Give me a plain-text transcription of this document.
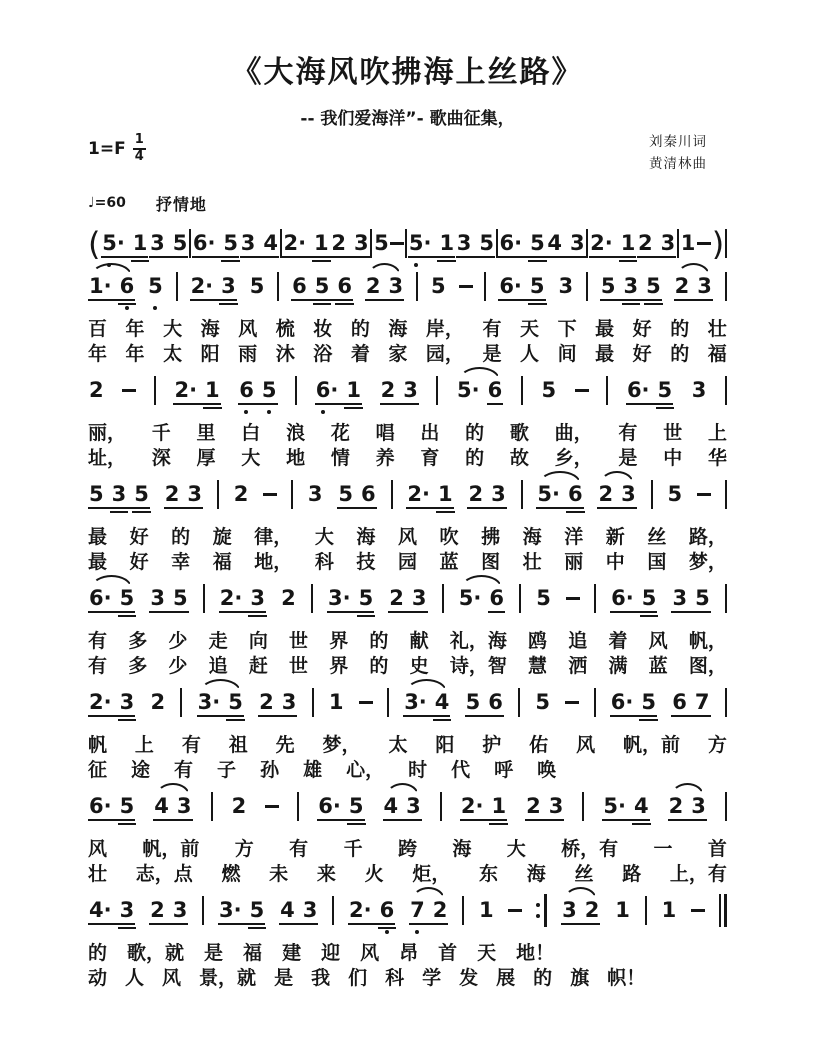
《大海风吹拂海上丝路》
-- 我们爱海洋”- 歌曲征集，
$1=F \frac{1}{4}$	刘秦川词
黄清林曲
♩=60 抒情地
( 5· 1 3 5 6· 5 3 4 2· 1 2 3 5 5· 1 3 5 6· 5 4 3 2· 1 2 3 1 )
1· 6 5 2· 3 5 6 5 6 2 3 5	6· 5 3 5 3 5 2 3
百 年 大 海 风 梳 妆 的 海 岸， 有 天 下 最 好 的 壮
年 年 太 阳 雨 沐 浴 着 家 园， 是 人 间 最 好 的 福
2	2· 1 6 5 6· 1 2 3 5· 6 5	6· 5 3
丽， 千 里 白 浪 花 唱 出 的 歌 曲， 有 世 上
址， 深 厚 大 地 情 养 育 的 故 乡， 是 中 华
5 3 5 2 3 2	3 5 6 2· 1 2 3 5· 6 2 3 5
最 好 的 旋 律， 大 海 风 吹 拂 海 洋 新 丝 路，
最 好 幸 福 地， 科 技 园 蓝 图 壮 丽 中 国 梦，
6· 5 3 5 2· 3 2 3· 5 2 3 5· 6 5	6· 5 3 5
有 多 少 走 向 世 界 的 献 礼，海 鸥 追 着 风 帆，
有 多 少 追 赶 世 界 的 史 诗，智 慧 洒 满 蓝 图，
2· 3 2 3· 5 2 3 1	3· 4 5 6 5	6· 5 6 7
帆 上 有 祖 先 梦， 太 阳 护 佑 风 帆，前 方
征 途 有 子 孙 雄 心， 时 代 呼 唤
6· 5 4 3 2	6· 5 4 3 2· 1 2 3 5· 4 2 3
风 帆，前 方 有 千 跨 海 大 桥，有 一 首
壮 志，点 燃 未 来 火 炬， 东 海 丝 路 上，有
4· 3 2 3 3· 5 4 3 2· 6 7 2 1	3 2 1 1
的 歌，就 是 福 建 迎 风 昂 首 天 地！
动 人 风 景，就 是 我 们 科 学 发 展 的 旗 帜！
